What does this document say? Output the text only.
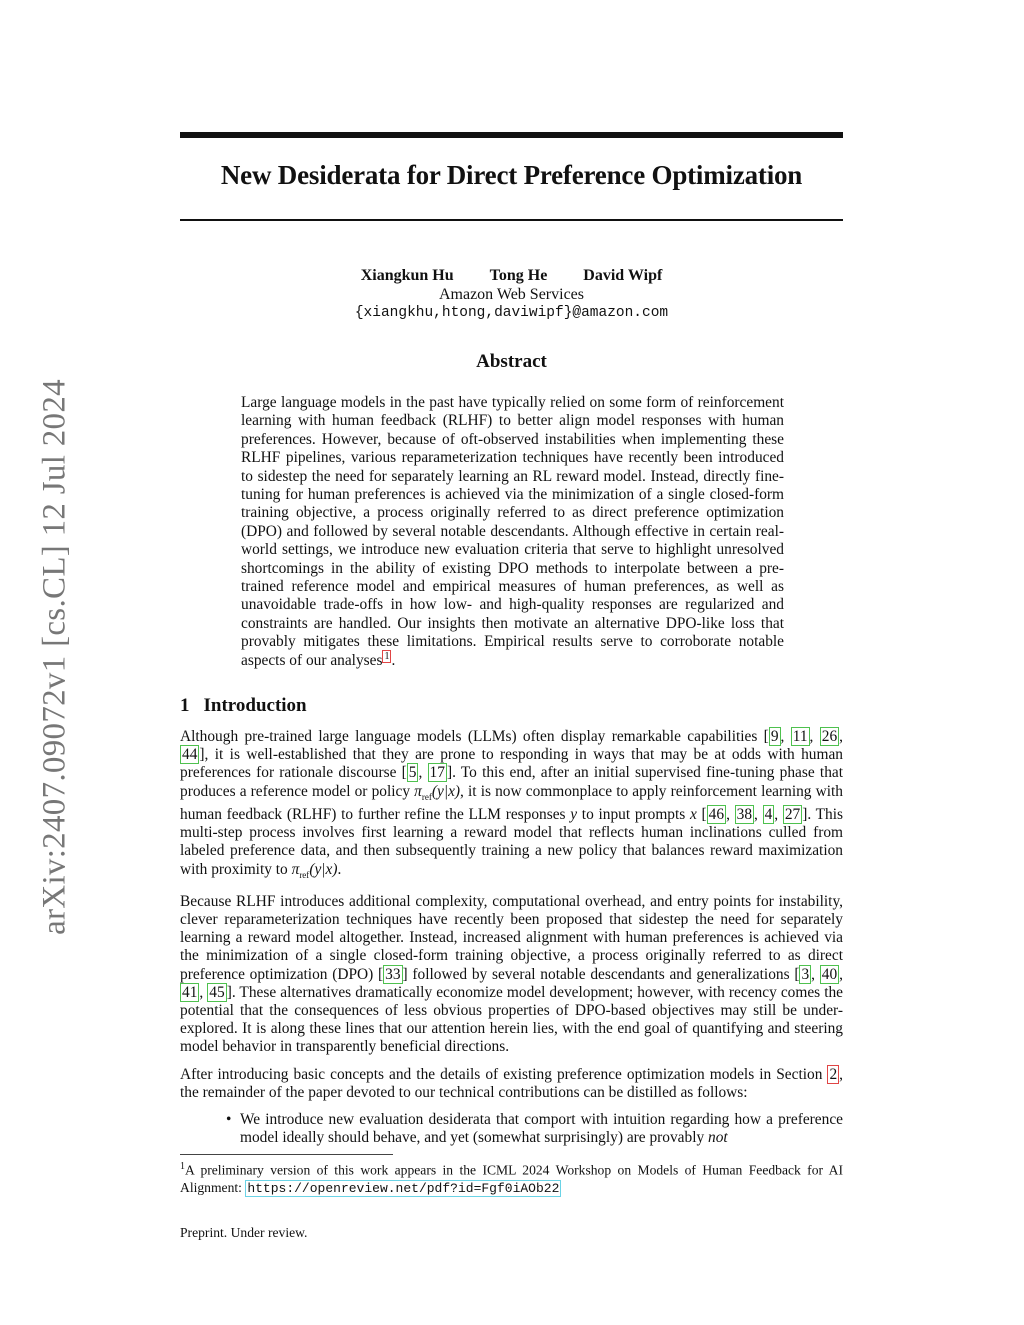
New Desiderata for Direct Preference Optimization
Xiangkun Hu Tong He David Wipf
Amazon Web Services
{xiangkhu,htong,daviwipf}@amazon.com
arXiv:2407.09072v1 [cs.CL] 12 Jul 2024
Abstract

Large language models in the past have typically relied on some form of reinforcement learning with human feedback (RLHF) to better align model responses with human preferences. However, because of oft-observed instabilities when implementing these RLHF pipelines, various reparameterization techniques have recently been introduced to sidestep the need for separately learning an RL reward model. Instead, directly fine-tuning for human preferences is achieved via the minimization of a single closed-form training objective, a process originally referred to as direct preference optimization (DPO) and followed by several notable descendants. Although effective in certain real-world settings, we introduce new evaluation criteria that serve to highlight unresolved shortcomings in the ability of existing DPO methods to interpolate between a pre-trained reference model and empirical measures of human preferences, as well as unavoidable trade-offs in how low- and high-quality responses are regularized and constraints are handled. Our insights then motivate an alternative DPO-like loss that provably mitigates these limitations. Empirical results serve to corroborate notable aspects of our analyses $^1$ .

1 Introduction

Although pre-trained large language models (LLMs) often display remarkable capabilities [ 9 , 11 , 26 , 44 ], it is well-established that they are prone to responding in ways that may be at odds with human preferences for rationale discourse [ 5 , 17 ]. To this end, after an initial supervised fine-tuning phase that produces a reference model or policy $\pi_{ref}(y|x)$, it is now commonplace to apply reinforcement learning with human feedback (RLHF) to further refine the LLM responses y to input prompts x [ 46 , 38 , 4 , 27 ]. This multi-step process involves first learning a reward model that reflects human inclinations culled from labeled preference data, and then subsequently training a new policy that balances reward maximization with proximity to $\pi_{ref}(y|x)$.

Because RLHF introduces additional complexity, computational overhead, and entry points for instability, clever reparameterization techniques have recently been proposed that sidestep the need for separately learning a reward model altogether. Instead, increased alignment with human preferences is achieved via the minimization of a single closed-form training objective, a process originally referred to as direct preference optimization (DPO) [ 33 ] followed by several notable descendants and generalizations [ 3 , 40 , 41 , 45 ]. These alternatives dramatically economize model development; however, with recency comes the potential that the consequences of less obvious properties of DPO-based objectives may still be under-explored. It is along these lines that our attention herein lies, with the end goal of quantifying and steering model behavior in transparently beneficial directions.

After introducing basic concepts and the details of existing preference optimization models in Section 2 , the remainder of the paper devoted to our technical contributions can be distilled as follows:

• We introduce new evaluation desiderata that comport with intuition regarding how a preference model ideally should behave, and yet (somewhat surprisingly) are provably not
$^1$A preliminary version of this work appears in the ICML 2024 Workshop on Models of Human Feedback for AI Alignment: https://openreview.net/pdf?id=Fgf0iAOb22
Preprint. Under review.
